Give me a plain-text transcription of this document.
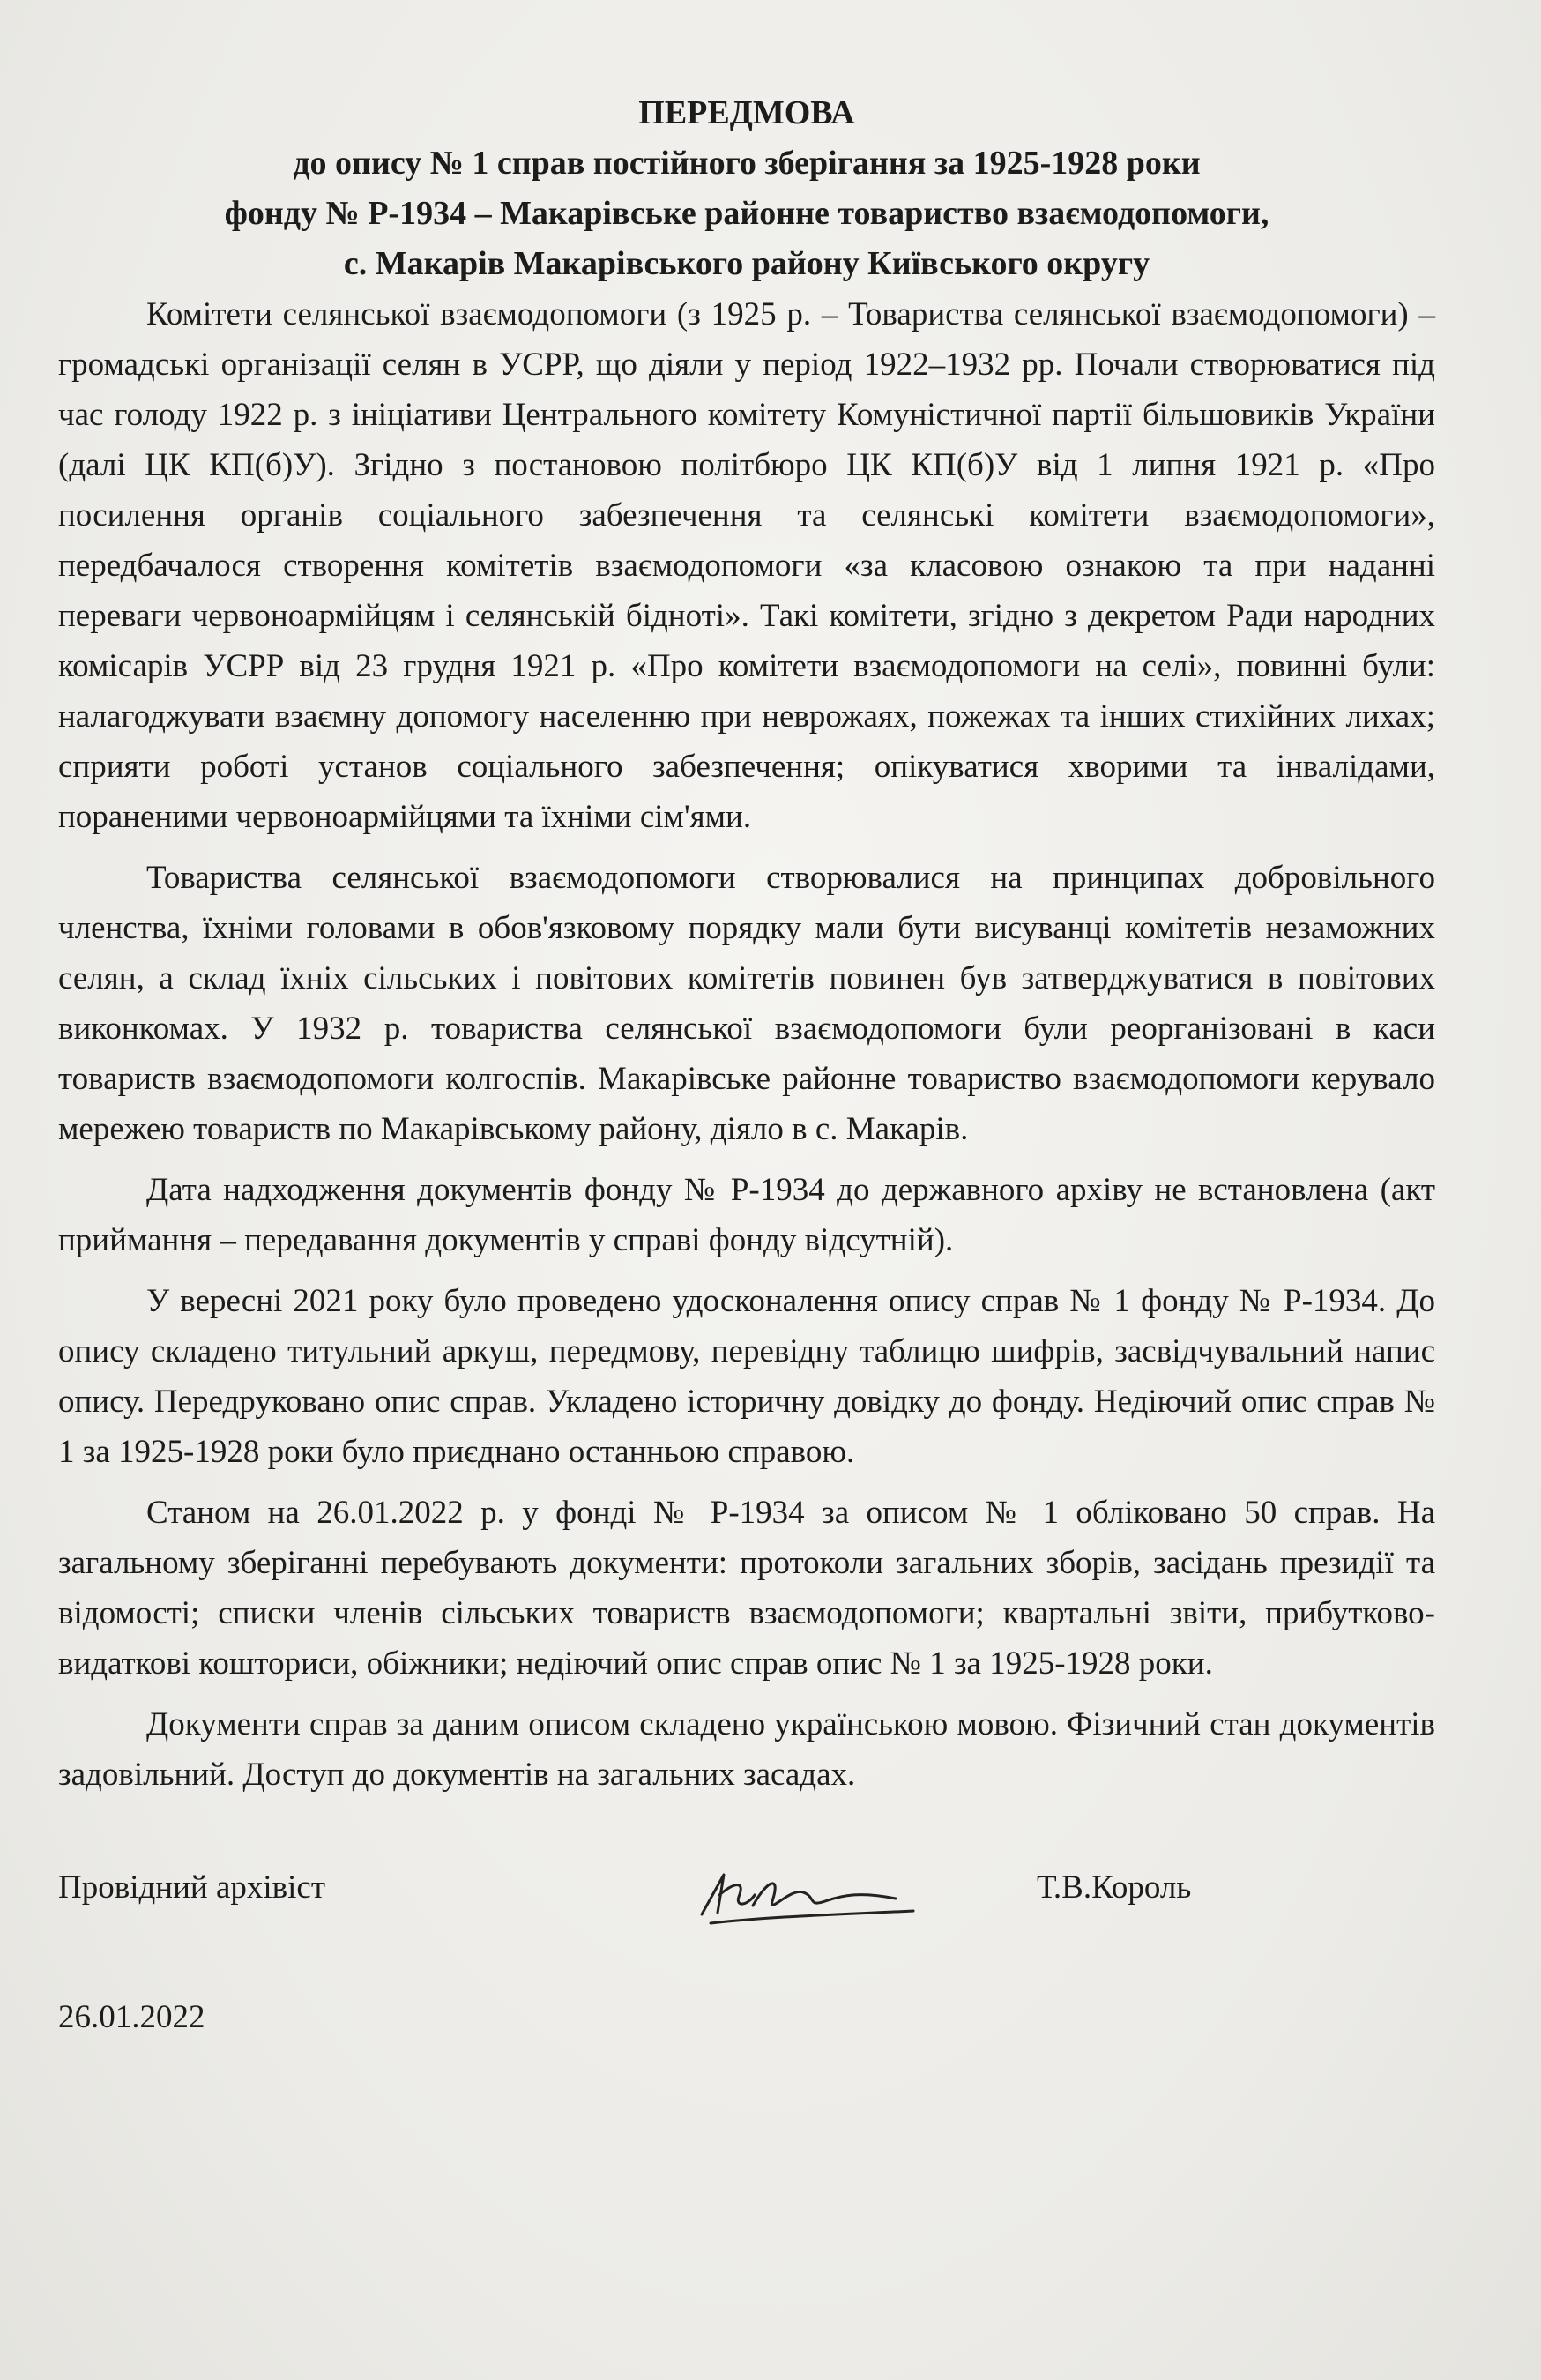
ПЕРЕДМОВА
до опису № 1 справ постійного зберігання за 1925-1928 роки
фонду № Р-1934 – Макарівське районне товариство взаємодопомоги,
с. Макарів Макарівського району Київського округу

Комітети селянської взаємодопомоги (з 1925 р. – Товариства селянської взаємодопомоги) – громадські організації селян в УСРР, що діяли у період 1922–1932 рр. Почали створюватися під час голоду 1922 р. з ініціативи Центрального комітету Комуністичної партії більшовиків України (далі ЦК КП(б)У). Згідно з постановою політбюро ЦК КП(б)У від 1 липня 1921 р. «Про посилення органів соціального забезпечення та селянські комітети взаємодопомоги», передбачалося створення комітетів взаємодопомоги «за класовою ознакою та при наданні переваги червоноармійцям і селянській бідноті». Такі комітети, згідно з декретом Ради народних комісарів УСРР від 23 грудня 1921 р. «Про комітети взаємодопомоги на селі», повинні були: налагоджувати взаємну допомогу населенню при неврожаях, пожежах та інших стихійних лихах; сприяти роботі установ соціального забезпечення; опікуватися хворими та інвалідами, пораненими червоноармійцями та їхніми сім'ями.

Товариства селянської взаємодопомоги створювалися на принципах добровільного членства, їхніми головами в обов'язковому порядку мали бути висуванці комітетів незаможних селян, а склад їхніх сільських і повітових комітетів повинен був затверджуватися в повітових виконкомах. У 1932 р. товариства селянської взаємодопомоги були реорганізовані в каси товариств взаємодопомоги колгоспів. Макарівське районне товариство взаємодопомоги керувало мережею товариств по Макарівському району, діяло в с. Макарів.

Дата надходження документів фонду № Р-1934 до державного архіву не встановлена (акт приймання – передавання документів у справі фонду відсутній).

У вересні 2021 року було проведено удосконалення опису справ № 1 фонду № Р-1934. До опису складено титульний аркуш, передмову, перевідну таблицю шифрів, засвідчувальний напис опису. Передруковано опис справ. Укладено історичну довідку до фонду. Недіючий опис справ № 1 за 1925-1928 роки було приєднано останньою справою.

Станом на 26.01.2022 р. у фонді № Р-1934 за описом № 1 обліковано 50 справ. На загальному зберіганні перебувають документи: протоколи загальних зборів, засідань президії та відомості; списки членів сільських товариств взаємодопомоги; квартальні звіти, прибутково-видаткові кошториси, обіжники; недіючий опис справ опис № 1 за 1925-1928 роки.

Документи справ за даним описом складено українською мовою. Фізичний стан документів задовільний. Доступ до документів на загальних засадах.

Провідний архівіст	Т.В.Король
26.01.2022
